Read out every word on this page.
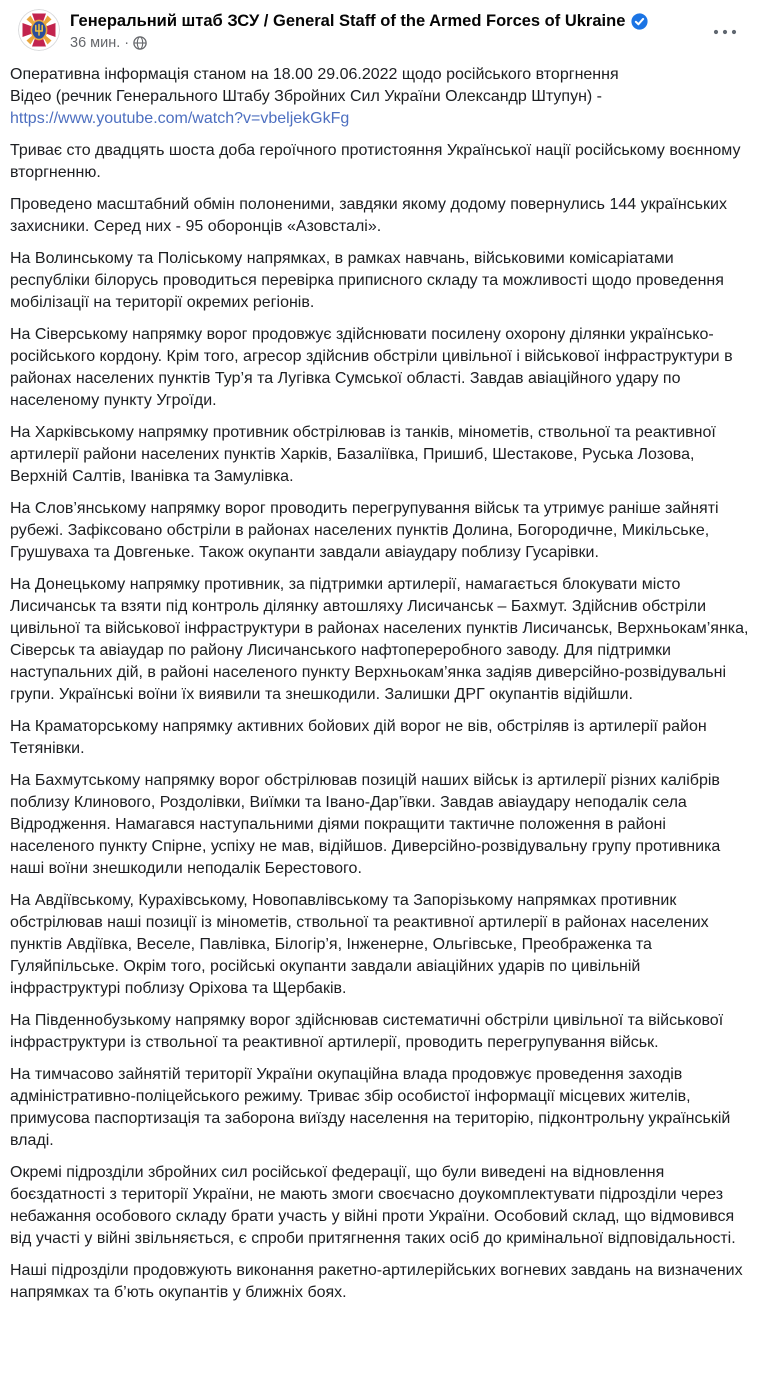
Генеральний штаб ЗСУ / General Staff of the Armed Forces of Ukraine
36 мин. ·

Оперативна інформація станом на 18.00 29.06.2022 щодо російського вторгнення
Відео (речник Генерального Штабу Збройних Сил України Олександр Штупун) -
https://www.youtube.com/watch?v=vbeljekGkFg

Триває сто двадцять шоста доба героїчного протистояння Української нації російському воєнному вторгненню.

Проведено масштабний обмін полоненими, завдяки якому додому повернулись 144 українських захисники. Серед них - 95 оборонців «Азовсталі».

На Волинському та Поліському напрямках, в рамках навчань, військовими комісаріатами республіки білорусь проводиться перевірка приписного складу та можливості щодо проведення мобілізації на території окремих регіонів.

На Сіверському напрямку ворог продовжує здійснювати посилену охорону ділянки українсько-російського кордону. Крім того, агресор здійснив обстріли цивільної і військової інфраструктури в районах населених пунктів Тур’я та Лугівка Сумської області. Завдав авіаційного удару по населеному пункту Угроїди.

На Харківському напрямку противник обстрілював із танків, мінометів, ствольної та реактивної артилерії райони населених пунктів Харків, Базаліївка, Пришиб, Шестакове, Руська Лозова, Верхній Салтів, Іванівка та Замулівка.

На Слов’янському напрямку ворог проводить перегрупування військ та утримує раніше зайняті рубежі. Зафіксовано обстріли в районах населених пунктів Долина, Богородичне, Микільське, Грушуваха та Довгеньке. Також окупанти завдали авіаудару поблизу Гусарівки.

На Донецькому напрямку противник, за підтримки артилерії, намагається блокувати місто Лисичанськ та взяти під контроль ділянку автошляху Лисичанськ – Бахмут. Здійснив обстріли цивільної та військової інфраструктури в районах населених пунктів Лисичанськ, Верхньокам’янка, Сіверськ та авіаудар по району Лисичанського нафтопереробного заводу. Для підтримки наступальних дій, в районі населеного пункту Верхньокам’янка задіяв диверсійно-розвідувальні групи. Українські воїни їх виявили та знешкодили. Залишки ДРГ окупантів відійшли.

На Краматорському напрямку активних бойових дій ворог не вів, обстріляв із артилерії район Тетянівки.

На Бахмутському напрямку ворог обстрілював позицій наших військ із артилерії різних калібрів поблизу Клинового, Роздолівки, Виїмки та Івано-Дар’ївки. Завдав авіаудару неподалік села Відродження. Намагався наступальними діями покращити тактичне положення в районі населеного пункту Спірне, успіху не мав, відійшов. Диверсійно-розвідувальну групу противника наші воїни знешкодили неподалік Берестового.

На Авдіївському, Курахівському, Новопавлівському та Запорізькому напрямках противник обстрілював наші позиції із мінометів, ствольної та реактивної артилерії в районах населених пунктів Авдіївка, Веселе, Павлівка, Білогір’я, Інженерне, Ольгівське, Преображенка та Гуляйпільське. Окрім того, російські окупанти завдали авіаційних ударів по цивільній інфраструктурі поблизу Оріхова та Щербаків.

На Південнобузькому напрямку ворог здійснював систематичні обстріли цивільної та військової інфраструктури із ствольної та реактивної артилерії, проводить перегрупування військ.

На тимчасово зайнятій території України окупаційна влада продовжує проведення заходів адміністративно-поліцейського режиму. Триває збір особистої інформації місцевих жителів, примусова паспортизація та заборона виїзду населення на територію, підконтрольну українській владі.

Окремі підрозділи збройних сил російської федерації, що були виведені на відновлення боєздатності з території України, не мають змоги своєчасно доукомплектувати підрозділи через небажання особового складу брати участь у війні проти України. Особовий склад, що відмовився від участі у війні звільняється, є спроби притягнення таких осіб до кримінальної відповідальності.

Наші підрозділи продовжують виконання ракетно-артилерійських вогневих завдань на визначених напрямках та б’ють окупантів у ближніх боях.
